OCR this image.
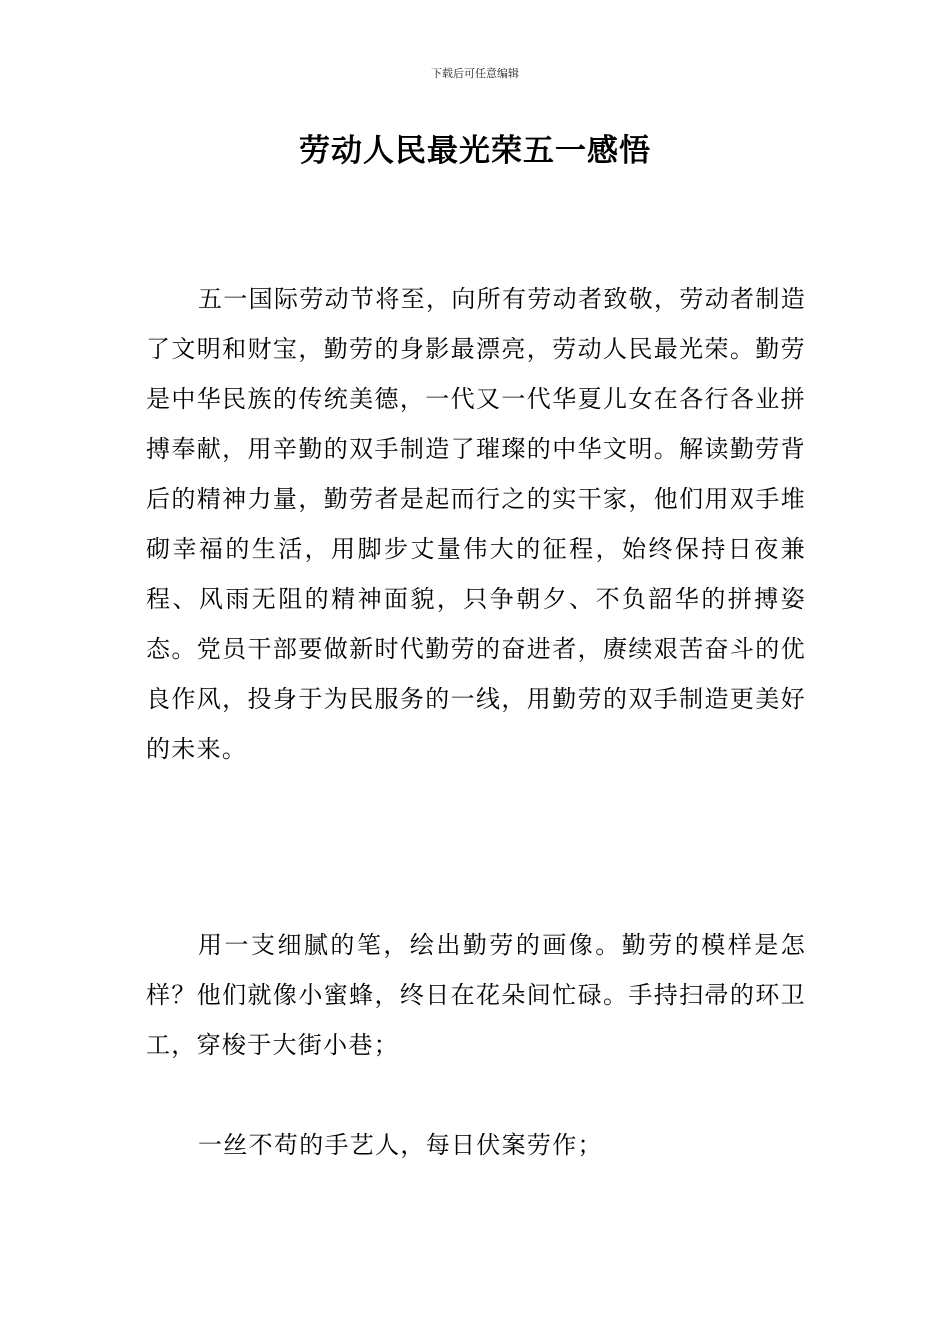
下载后可任意编辑
劳动人民最光荣五一感悟

五一国际劳动节将至，向所有劳动者致敬，劳动者制造了文明和财宝，勤劳的身影最漂亮，劳动人民最光荣。勤劳是中华民族的传统美德，一代又一代华夏儿女在各行各业拼搏奉献，用辛勤的双手制造了璀璨的中华文明。解读勤劳背后的精神力量，勤劳者是起而行之的实干家，他们用双手堆砌幸福的生活，用脚步丈量伟大的征程，始终保持日夜兼程、风雨无阻的精神面貌，只争朝夕、不负韶华的拼搏姿态。党员干部要做新时代勤劳的奋进者，赓续艰苦奋斗的优良作风，投身于为民服务的一线，用勤劳的双手制造更美好的未来。

用一支细腻的笔，绘出勤劳的画像。勤劳的模样是怎样？他们就像小蜜蜂，终日在花朵间忙碌。手持扫帚的环卫工，穿梭于大街小巷；

一丝不苟的手艺人，每日伏案劳作；
